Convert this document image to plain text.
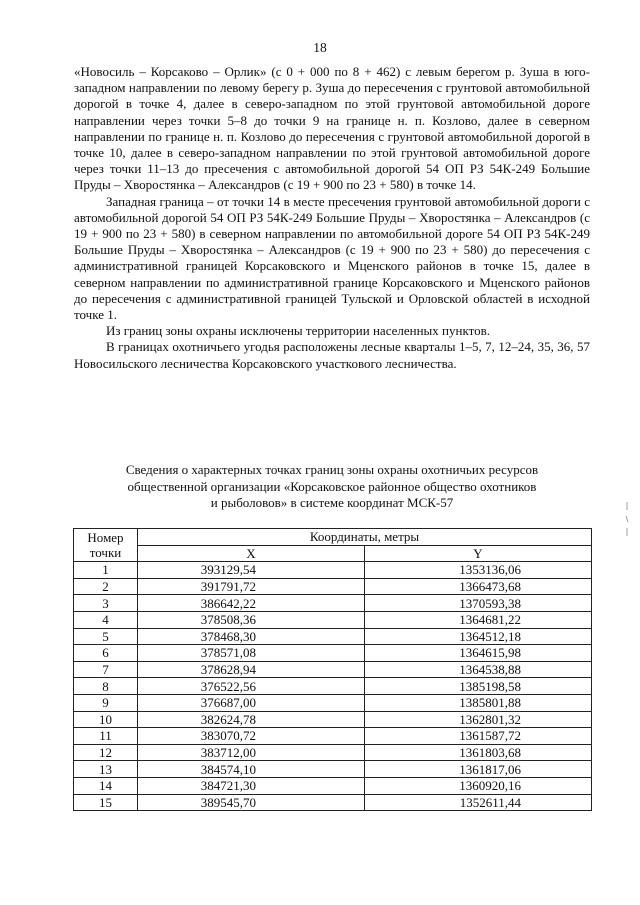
18

«Новосиль – Корсаково – Орлик» (с 0 + 000 по 8 + 462) с левым берегом р. Зуша в юго-западном направлении по левому берегу р. Зуша до пересечения с грунтовой автомобильной дорогой в точке 4, далее в северо-западном по этой грунтовой автомобильной дороге направлении через точки 5–8 до точки 9 на границе н. п. Козлово, далее в северном направлении по границе н. п. Козлово до пересечения с грунтовой автомобильной дорогой в точке 10, далее в северо-западном направлении по этой грунтовой автомобильной дороге через точки 11–13 до пресечения с автомобильной дорогой 54 ОП РЗ 54К-249 Большие Пруды – Хворостянка – Александров (с 19 + 900 по 23 + 580) в точке 14.

Западная граница – от точки 14 в месте пресечения грунтовой автомобильной дороги с автомобильной дорогой 54 ОП РЗ 54К-249 Большие Пруды – Хворостянка – Александров (с 19 + 900 по 23 + 580) в северном направлении по автомобильной дороге 54 ОП РЗ 54К-249 Большие Пруды – Хворостянка – Александров (с 19 + 900 по 23 + 580) до пересечения с административной границей Корсаковского и Мценского районов в точке 15, далее в северном направлении по административной границе Корсаковского и Мценского районов до пересечения с административной границей Тульской и Орловской областей в исходной точке 1.

Из границ зоны охраны исключены территории населенных пунктов.

В границах охотничьего угодья расположены лесные кварталы 1–5, 7, 12–24, 35, 36, 57 Новосильского лесничества Корсаковского участкового лесничества.

Сведения о характерных точках границ зоны охраны охотничьих ресурсов
общественной организации «Корсаковское районное общество охотников
и рыболовов» в системе координат МСК-57
Номер
точки	Координаты, метры	
	X	Y
1	393129,54	1353136,06
2	391791,72	1366473,68
3	386642,22	1370593,38
4	378508,36	1364681,22
5	378468,30	1364512,18
6	378571,08	1364615,98
7	378628,94	1364538,88
8	376522,56	1385198,58
9	376687,00	1385801,88
10	382624,78	1362801,32
11	383070,72	1361587,72
12	383712,00	1361803,68
13	384574,10	1361817,06
14	384721,30	1360920,16
15	389545,70	1352611,44
